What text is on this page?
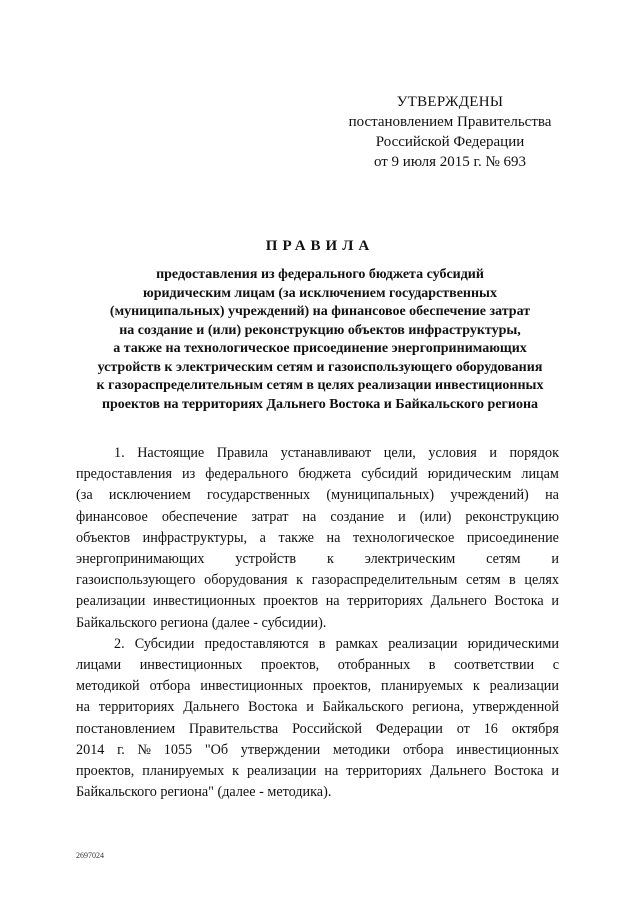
УТВЕРЖДЕНЫ
постановлением Правительства
Российской Федерации
от 9 июля 2015 г. № 693
ПРАВИЛА
предоставления из федерального бюджета субсидий
юридическим лицам (за исключением государственных
(муниципальных) учреждений) на финансовое обеспечение затрат
на создание и (или) реконструкцию объектов инфраструктуры,
а также на технологическое присоединение энергопринимающих
устройств к электрическим сетям и газоиспользующего оборудования
к газораспределительным сетям в целях реализации инвестиционных
проектов на территориях Дальнего Востока и Байкальского региона
1. Настоящие Правила устанавливают цели, условия и порядок
предоставления из федерального бюджета субсидий юридическим лицам
(за исключением государственных (муниципальных) учреждений) на
финансовое обеспечение затрат на создание и (или) реконструкцию
объектов инфраструктуры, а также на технологическое присоединение
энергопринимающих устройств к электрическим сетям и
газоиспользующего оборудования к газораспределительным сетям в целях
реализации инвестиционных проектов на территориях Дальнего Востока и
Байкальского региона (далее - субсидии).
2. Субсидии предоставляются в рамках реализации юридическими
лицами инвестиционных проектов, отобранных в соответствии с
методикой отбора инвестиционных проектов, планируемых к реализации
на территориях Дальнего Востока и Байкальского региона, утвержденной
постановлением Правительства Российской Федерации от 16 октября
2014 г. № 1055 "Об утверждении методики отбора инвестиционных
проектов, планируемых к реализации на территориях Дальнего Востока и
Байкальского региона" (далее - методика).
2697024
